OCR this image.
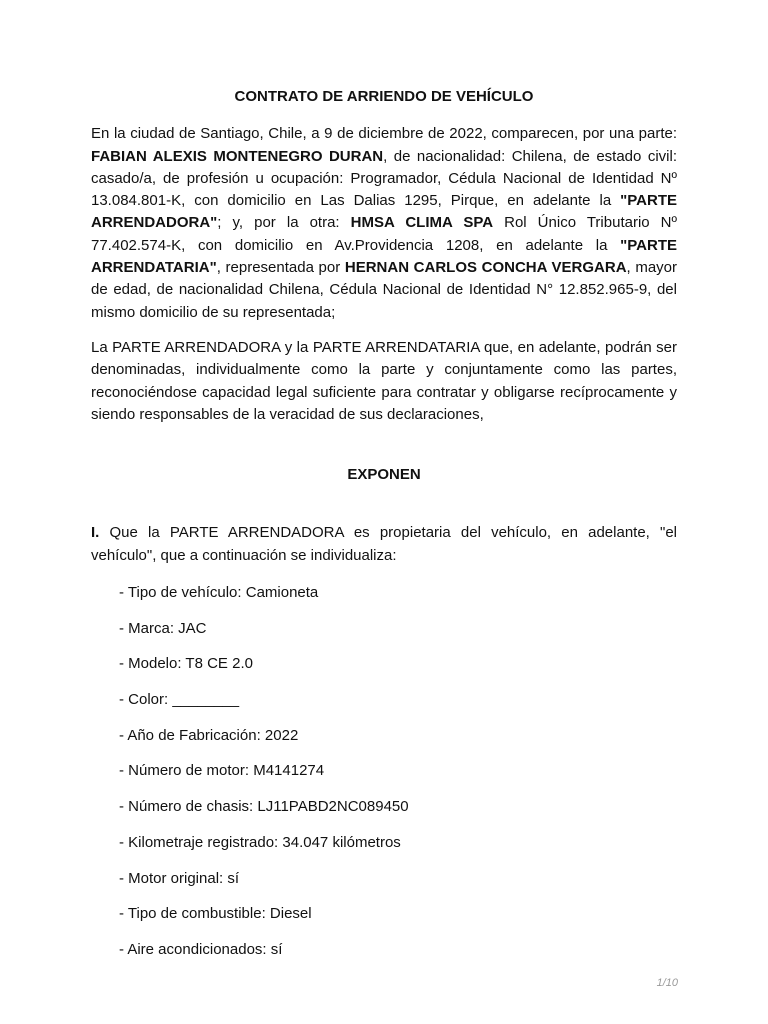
CONTRATO DE ARRIENDO DE VEHÍCULO

En la ciudad de Santiago, Chile, a 9 de diciembre de 2022, comparecen, por una parte: FABIAN ALEXIS MONTENEGRO DURAN, de nacionalidad: Chilena, de estado civil: casado/a, de profesión u ocupación: Programador, Cédula Nacional de Identidad Nº 13.084.801-K, con domicilio en Las Dalias 1295, Pirque, en adelante la "PARTE ARRENDADORA"; y, por la otra: HMSA CLIMA SPA Rol Único Tributario Nº 77.402.574-K, con domicilio en Av.Providencia 1208, en adelante la "PARTE ARRENDATARIA", representada por HERNAN CARLOS CONCHA VERGARA, mayor de edad, de nacionalidad Chilena, Cédula Nacional de Identidad N° 12.852.965-9, del mismo domicilio de su representada;

La PARTE ARRENDADORA y la PARTE ARRENDATARIA que, en adelante, podrán ser denominadas, individualmente como la parte y conjuntamente como las partes, reconociéndose capacidad legal suficiente para contratar y obligarse recíprocamente y siendo responsables de la veracidad de sus declaraciones,

EXPONEN

I. Que la PARTE ARRENDADORA es propietaria del vehículo, en adelante, "el vehículo", que a continuación se individualiza:

- Tipo de vehículo: Camioneta
- Marca: JAC
- Modelo: T8 CE 2.0
- Color: ________
- Año de Fabricación: 2022
- Número de motor: M4141274
- Número de chasis: LJ11PABD2NC089450
- Kilometraje registrado: 34.047 kilómetros
- Motor original: sí
- Tipo de combustible: Diesel
- Aire acondicionados: sí
1/10
